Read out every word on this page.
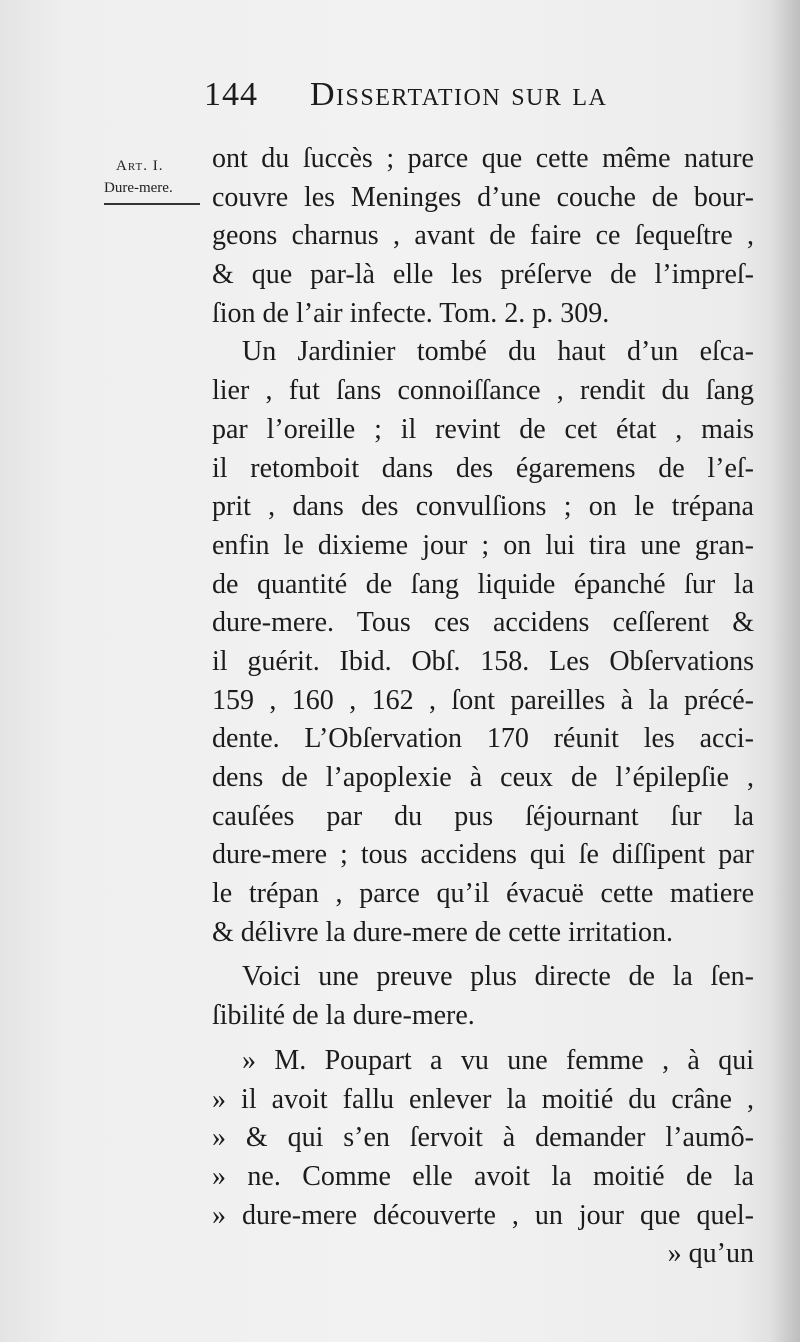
144 Dissertation sur la
Art. I.
Dure-mere.
ont du ſuccès ; parce que cette même nature
couvre les Meninges d’une couche de bour-
geons charnus , avant de faire ce ſequeſtre ,
& que par-là elle les préſerve de l’impreſ-
ſion de l’air infecte. Tom. 2. p. 309.
Un Jardinier tombé du haut d’un eſca-
lier , fut ſans connoiſſance , rendit du ſang
par l’oreille ; il revint de cet état , mais
il retomboit dans des égaremens de l’eſ-
prit , dans des convulſions ; on le trépana
enfin le dixieme jour ; on lui tira une gran-
de quantité de ſang liquide épanché ſur la
dure-mere. Tous ces accidens ceſſerent &
il guérit. Ibid. Obſ. 158. Les Obſervations
159 , 160 , 162 , ſont pareilles à la précé-
dente. L’Obſervation 170 réunit les acci-
dens de l’apoplexie à ceux de l’épilepſie ,
cauſées par du pus ſéjournant ſur la
dure-mere ; tous accidens qui ſe diſſipent par
le trépan , parce qu’il évacuë cette matiere
& délivre la dure-mere de cette irritation.
Voici une preuve plus directe de la ſen-
ſibilité de la dure-mere.
» M. Poupart a vu une femme , à qui
» il avoit fallu enlever la moitié du crâne ,
» & qui s’en ſervoit à demander l’aumô-
» ne. Comme elle avoit la moitié de la
» dure-mere découverte , un jour que quel-
» qu’un
